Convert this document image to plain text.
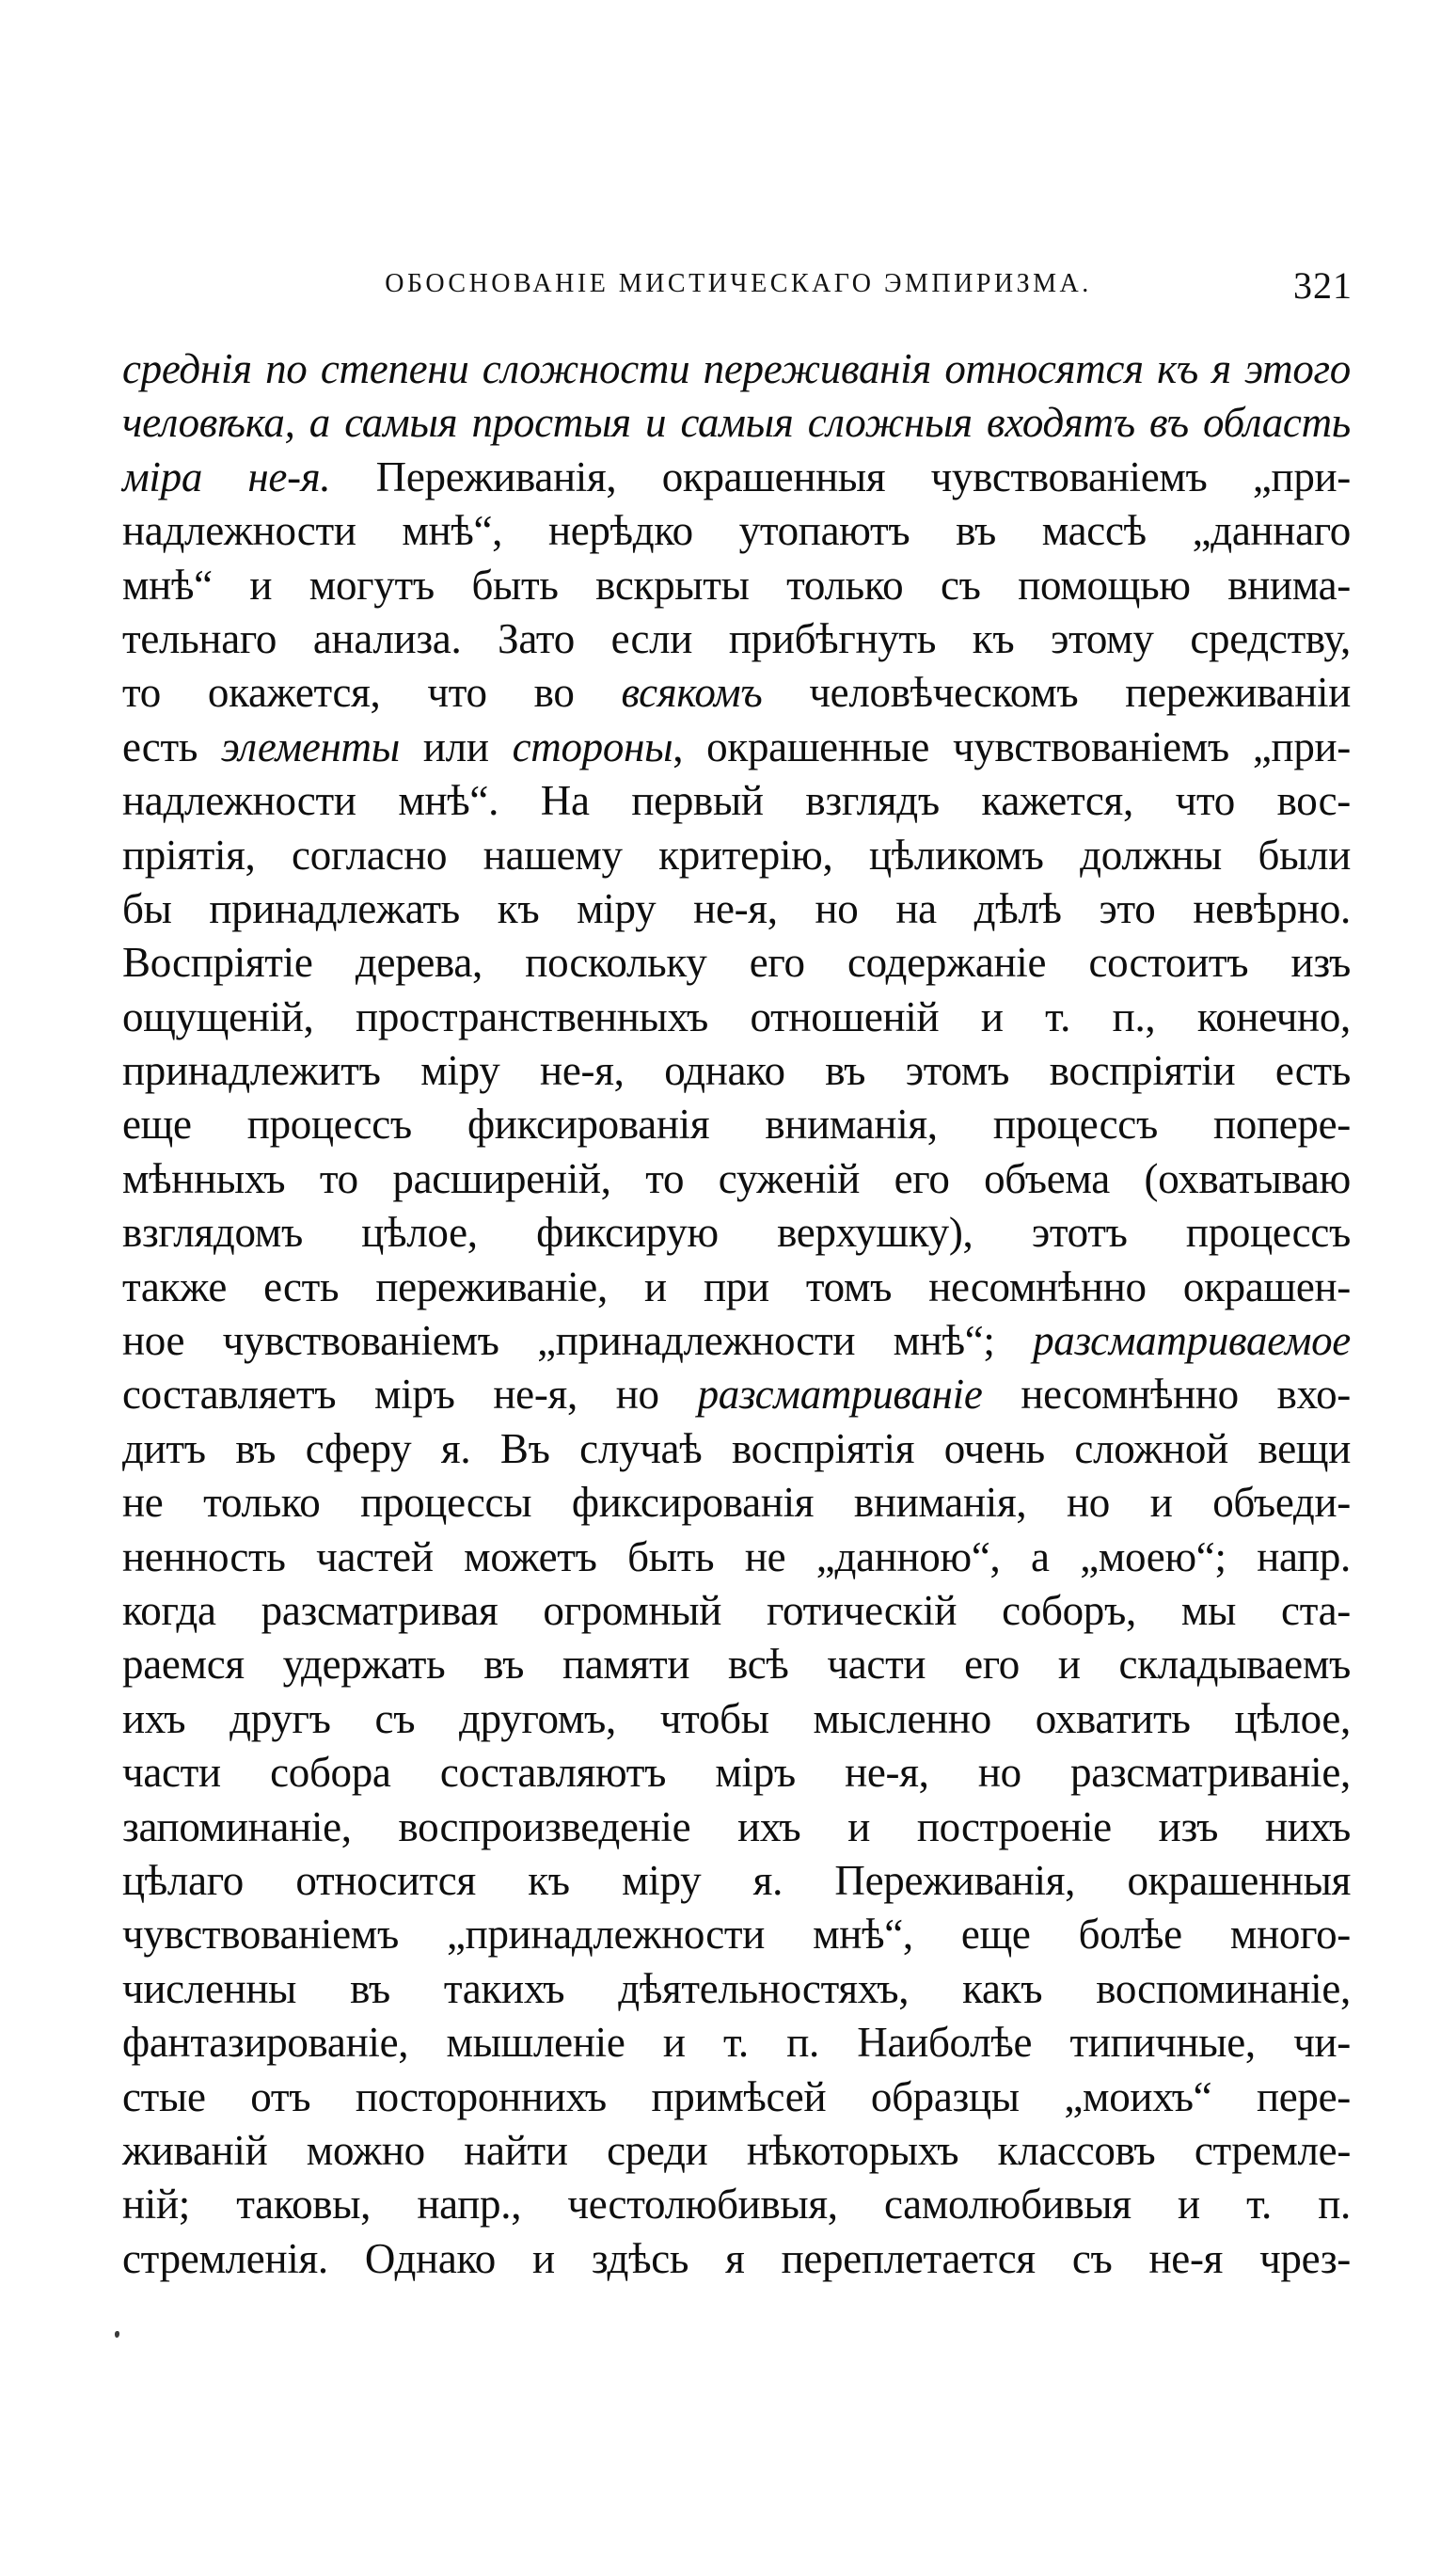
ОБОСНОВАНІЕ МИСТИЧЕСКАГО ЭМПИРИЗМА.	321
среднія по степени сложности переживанія относятся къ я этого
человѣка, а самыя простыя и самыя сложныя входятъ въ область
міра не-я. Переживанія, окрашенныя чувствованіемъ „при-
надлежности мнѣ“, нерѣдко утопаютъ въ массѣ „даннаго
мнѣ“ и могутъ быть вскрыты только съ помощью внима-
тельнаго анализа. Зато если прибѣгнуть къ этому средству,
то окажется, что во всякомъ человѣческомъ переживаніи
есть элементы или стороны, окрашенные чувствованіемъ „при-
надлежности мнѣ“. На первый взглядъ кажется, что вос-
пріятія, согласно нашему критерію, цѣликомъ должны были
бы принадлежать къ міру не-я, но на дѣлѣ это невѣрно.
Воспріятіе дерева, поскольку его содержаніе состоитъ изъ
ощущеній, пространственныхъ отношеній и т. п., конечно,
принадлежитъ міру не-я, однако въ этомъ воспріятіи есть
еще процессъ фиксированія вниманія, процессъ попере-
мѣнныхъ то расширеній, то суженій его объема (охватываю
взглядомъ цѣлое, фиксирую верхушку), этотъ процессъ
также есть переживаніе, и при томъ несомнѣнно окрашен-
ное чувствованіемъ „принадлежности мнѣ“; разсматриваемое
составляетъ міръ не-я, но разсматриваніе несомнѣнно вхо-
дитъ въ сферу я. Въ случаѣ воспріятія очень сложной вещи
не только процессы фиксированія вниманія, но и объеди-
ненность частей можетъ быть не „данною“, а „моею“; напр.
когда разсматривая огромный готическій соборъ, мы ста-
раемся удержать въ памяти всѣ части его и складываемъ
ихъ другъ съ другомъ, чтобы мысленно охватить цѣлое,
части собора составляютъ міръ не-я, но разсматриваніе,
запоминаніе, воспроизведеніе ихъ и построеніе изъ нихъ
цѣлаго относится къ міру я. Переживанія, окрашенныя
чувствованіемъ „принадлежности мнѣ“, еще болѣе много-
численны въ такихъ дѣятельностяхъ, какъ воспоминаніе,
фантазированіе, мышленіе и т. п. Наиболѣе типичные, чи-
стые отъ постороннихъ примѣсей образцы „моихъ“ пере-
живаній можно найти среди нѣкоторыхъ классовъ стремле-
ній; таковы, напр., честолюбивыя, самолюбивыя и т. п.
стремленія. Однако и здѣсь я переплетается съ не-я чрез-
